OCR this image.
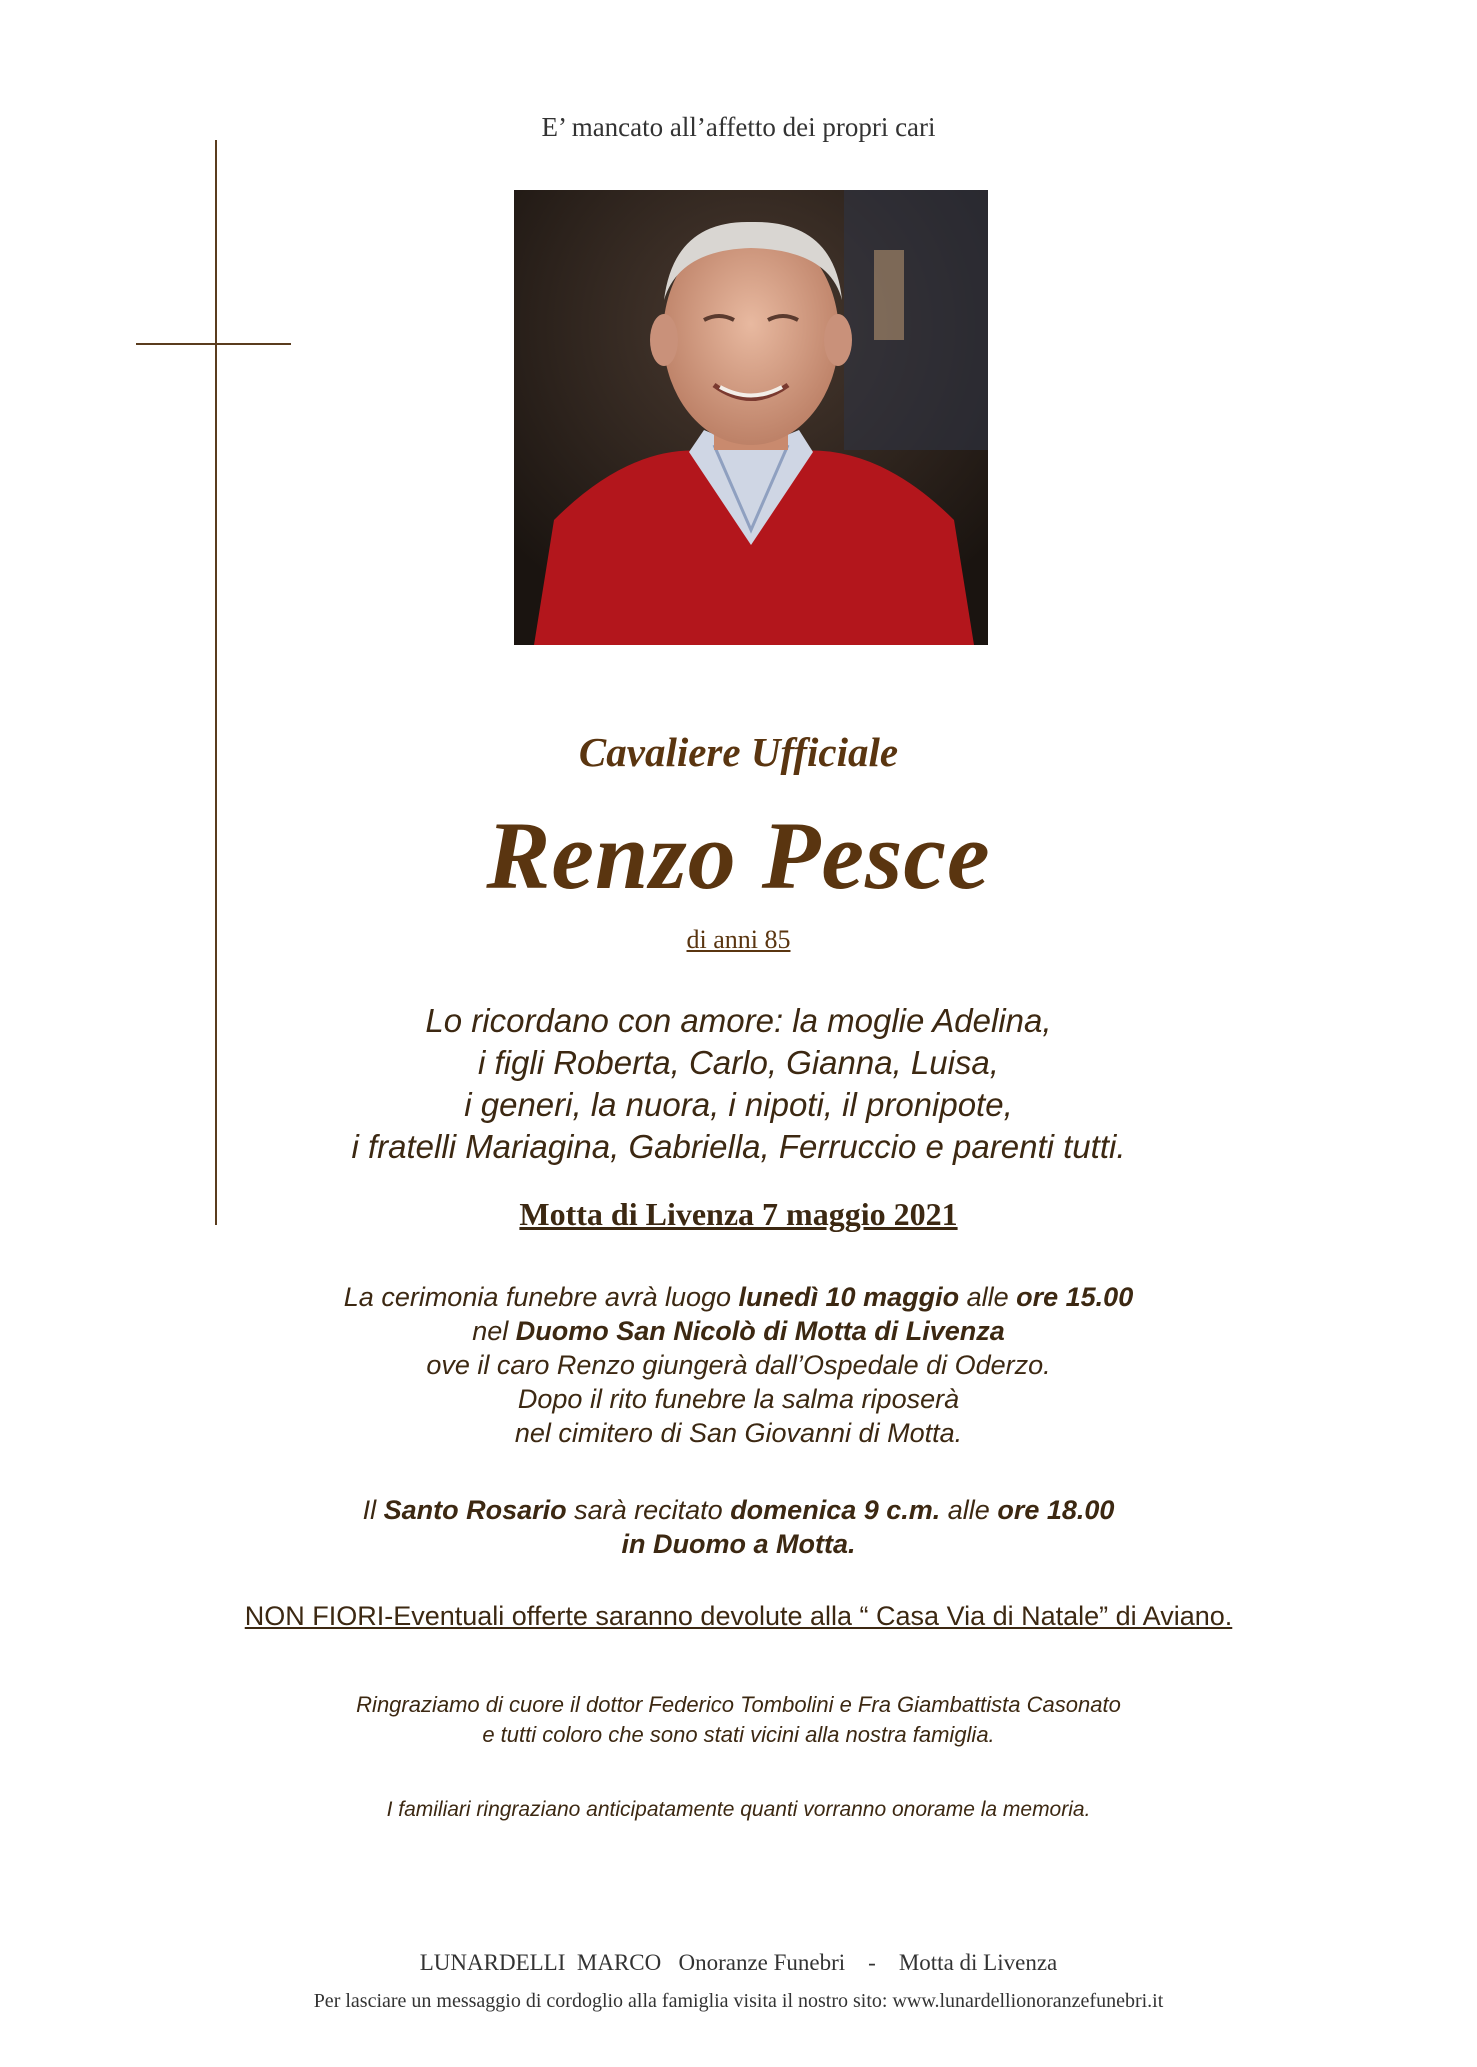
E’ mancato all’affetto dei propri cari
Cavaliere Ufficiale
Renzo Pesce
di anni 85
Lo ricordano con amore: la moglie Adelina,
i figli Roberta, Carlo, Gianna, Luisa,
i generi, la nuora, i nipoti, il pronipote,
i fratelli Mariagina, Gabriella, Ferruccio e parenti tutti.
Motta di Livenza 7 maggio 2021
La cerimonia funebre avrà luogo lunedì 10 maggio alle ore 15.00
nel Duomo San Nicolò di Motta di Livenza
ove il caro Renzo giungerà dall’Ospedale di Oderzo.
Dopo il rito funebre la salma riposerà
nel cimitero di San Giovanni di Motta.
Il Santo Rosario sarà recitato domenica 9 c.m. alle ore 18.00
in Duomo a Motta.
NON FIORI-Eventuali offerte saranno devolute alla “ Casa Via di Natale” di Aviano.
Ringraziamo di cuore il dottor Federico Tombolini e Fra Giambattista Casonato
e tutti coloro che sono stati vicini alla nostra famiglia.
I familiari ringraziano anticipatamente quanti vorranno onorame la memoria.
LUNARDELLI  MARCO   Onoranze Funebri    -    Motta di Livenza
Per lasciare un messaggio di cordoglio alla famiglia visita il nostro sito: www.lunardellionoranzefunebri.it
